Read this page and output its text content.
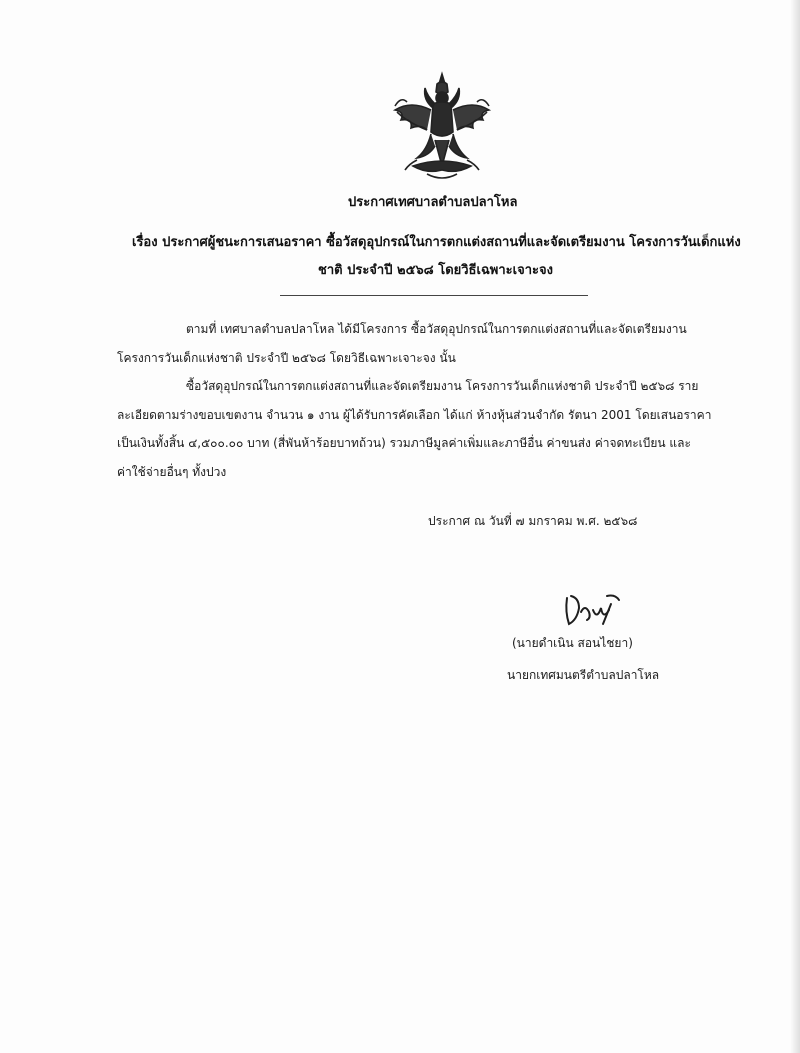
ประกาศเทศบาลตำบลปลาโหล
เรื่อง ประกาศผู้ชนะการเสนอราคา ซื้อวัสดุอุปกรณ์ในการตกแต่งสถานที่และจัดเตรียมงาน โครงการวันเด็กแห่ง
ชาติ ประจำปี ๒๕๖๘ โดยวิธีเฉพาะเจาะจง
ตามที่ เทศบาลตำบลปลาโหล ได้มีโครงการ ซื้อวัสดุอุปกรณ์ในการตกแต่งสถานที่และจัดเตรียมงาน
โครงการวันเด็กแห่งชาติ ประจำปี ๒๕๖๘ โดยวิธีเฉพาะเจาะจง นั้น
ซื้อวัสดุอุปกรณ์ในการตกแต่งสถานที่และจัดเตรียมงาน โครงการวันเด็กแห่งชาติ ประจำปี ๒๕๖๘ ราย
ละเอียดตามร่างขอบเขตงาน จำนวน ๑ งาน ผู้ได้รับการคัดเลือก ได้แก่ ห้างหุ้นส่วนจำกัด รัตนา 2001 โดยเสนอราคา
เป็นเงินทั้งสิ้น ๔,๕๐๐.๐๐ บาท (สี่พันห้าร้อยบาทถ้วน) รวมภาษีมูลค่าเพิ่มและภาษีอื่น ค่าขนส่ง ค่าจดทะเบียน และ
ค่าใช้จ่ายอื่นๆ ทั้งปวง
ประกาศ ณ วันที่ ๗ มกราคม พ.ศ. ๒๕๖๘
(นายดำเนิน สอนไชยา)
นายกเทศมนตรีตำบลปลาโหล
